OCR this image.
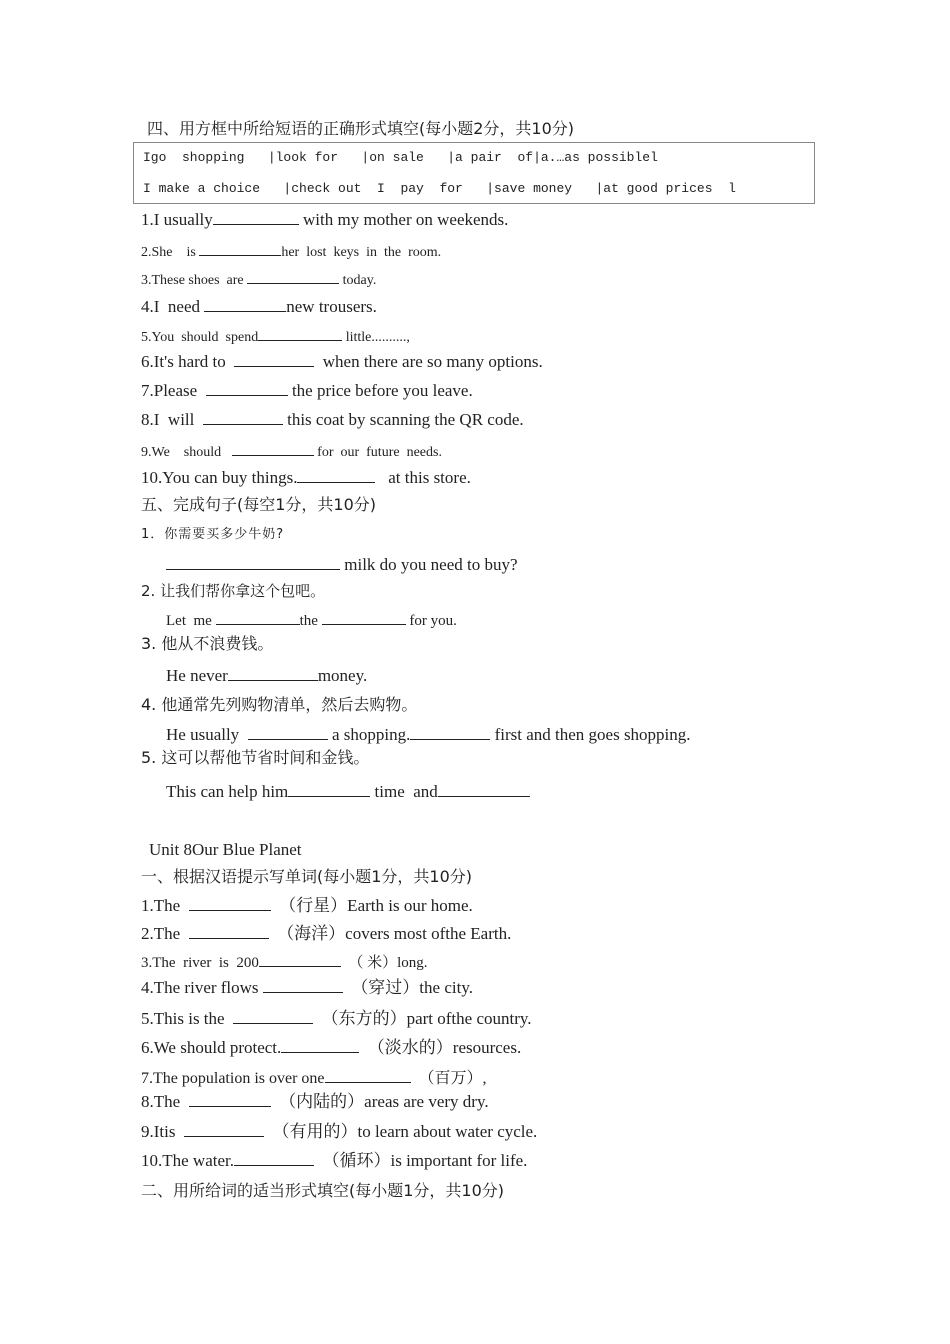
四、用方框中所给短语的正确形式填空(每小题2分，共10分)
Igo  shopping   |look for   |on sale   |a pair  of|a.…as possiblel
I make a choice   |check out  I  pay  for   |save money   |at good prices  l
1.I usually	with my mother on weekends.
2.She    is	her  lost  keys  in  the  room.
3.These shoes  are	today.
4.I  need	new trousers.
5.You  should  spend	little..........,
6.It's hard to	when there are so many options.
7.Please	the price before you leave.
8.I  will	this coat by scanning the QR code.
9.We    should	for  our  future  needs.
10.You can buy things.	at this store.
五、完成句子(每空1分，共10分)
1．你需要买多少牛奶?
milk do you need to buy?
2. 让我们帮你拿这个包吧。
Let  me	the	for you.
3. 他从不浪费钱。
He never	money.
4. 他通常先列购物清单，然后去购物。
He usually	a shopping.	first and then goes shopping.
5. 这可以帮他节省时间和金钱。
This can help him	time  and
Unit 8Our Blue Planet
一、根据汉语提示写单词(每小题1分，共10分)
1.The	（行星）Earth is our home.
2.The	（海洋）covers most ofthe Earth.
3.The  river  is  200	（ 米）long.
4.The river flows	（穿过）the city.
5.This is the	（东方的）part ofthe country.
6.We should protect.	（淡水的）resources.
7.The population is over one	（百万）,
8.The	（内陆的）areas are very dry.
9.Itis	（有用的）to learn about water cycle.
10.The water.	（循环）is important for life.
二、用所给词的适当形式填空(每小题1分，共10分)
